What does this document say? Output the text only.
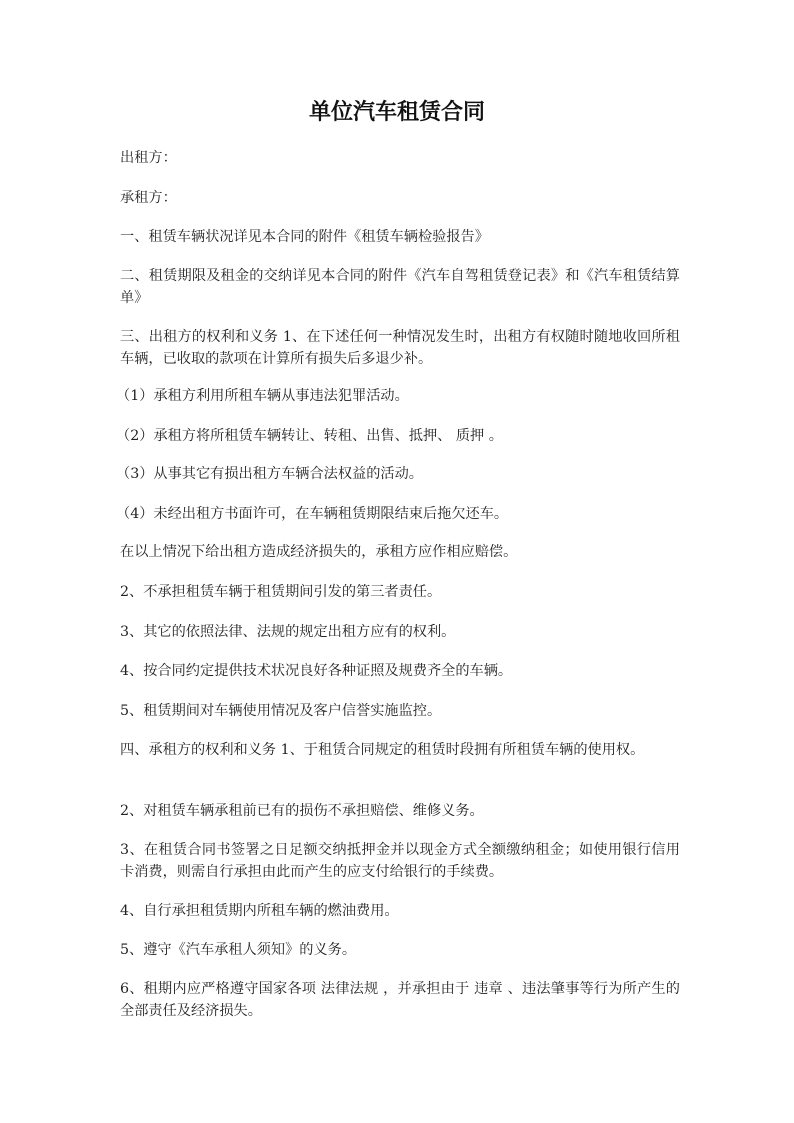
单位汽车租赁合同
出租方：
承租方：
一、租赁车辆状况详见本合同的附件《租赁车辆检验报告》
二、租赁期限及租金的交纳详见本合同的附件《汽车自驾租赁登记表》和《汽车租赁结算单》
三、出租方的权利和义务 1、在下述任何一种情况发生时，出租方有权随时随地收回所租车辆，已收取的款项在计算所有损失后多退少补。
（1）承租方利用所租车辆从事违法犯罪活动。
（2）承租方将所租赁车辆转让、转租、出售、抵押、 质押 。
（3）从事其它有损出租方车辆合法权益的活动。
（4）未经出租方书面许可，在车辆租赁期限结束后拖欠还车。
在以上情况下给出租方造成经济损失的，承租方应作相应赔偿。
2、不承担租赁车辆于租赁期间引发的第三者责任。
3、其它的依照法律、法规的规定出租方应有的权利。
4、按合同约定提供技术状况良好各种证照及规费齐全的车辆。
5、租赁期间对车辆使用情况及客户信誉实施监控。
四、承租方的权利和义务 1、于租赁合同规定的租赁时段拥有所租赁车辆的使用权。
2、对租赁车辆承租前已有的损伤不承担赔偿、维修义务。
3、在租赁合同书签署之日足额交纳抵押金并以现金方式全额缴纳租金；如使用银行信用卡消费，则需自行承担由此而产生的应支付给银行的手续费。
4、自行承担租赁期内所租车辆的燃油费用。
5、遵守《汽车承租人须知》的义务。
6、租期内应严格遵守国家各项 法律法规 ，并承担由于 违章 、违法肇事等行为所产生的全部责任及经济损失。
